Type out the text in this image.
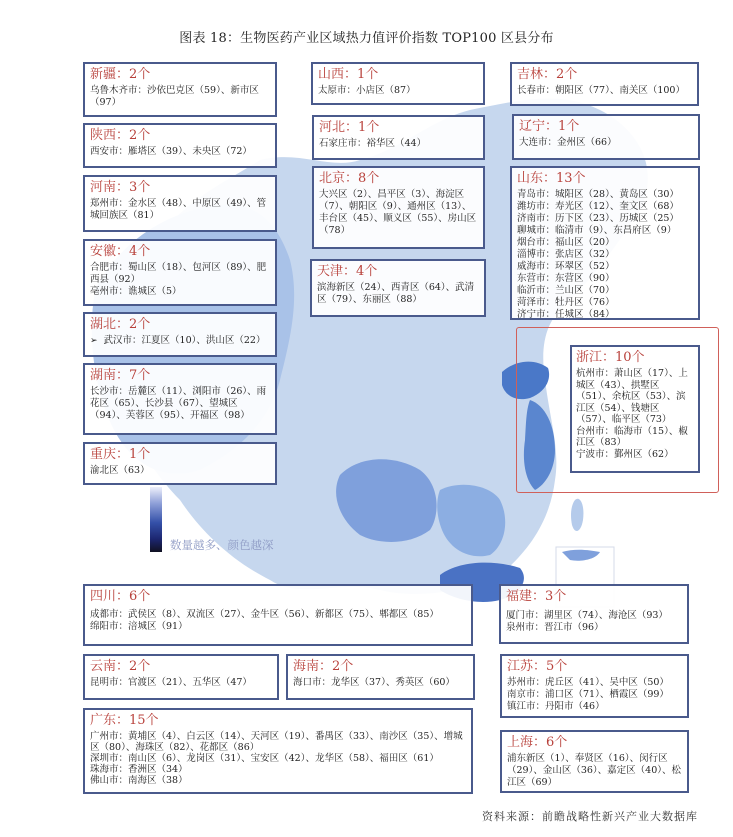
图表 18：生物医药产业区域热力值评价指数 TOP100 区县分布
新疆：2个
乌鲁木齐市：沙依巴克区（59）、新市区（97）
陕西：2个
西安市：雁塔区（39）、未央区（72）
河南：3个
郑州市：金水区（48）、中原区（49）、管城回族区（81）
安徽：4个
合肥市：蜀山区（18）、包河区（89）、肥西县（92）
亳州市：谯城区（5）
湖北：2个
➢ 武汉市：江夏区（10）、洪山区（22）
湖南：7个
长沙市：岳麓区（11）、浏阳市（26）、雨花区（65）、长沙县（67）、望城区（94）、芙蓉区（95）、开福区（98）
重庆：1个
渝北区（63）
山西：1个
太原市：小店区（87）
河北：1个
石家庄市：裕华区（44）
北京：8个
大兴区（2）、昌平区（3）、海淀区（7）、朝阳区（9）、通州区（13）、丰台区（45）、顺义区（55）、房山区（78）
天津：4个
滨海新区（24）、西青区（64）、武清区（79）、东丽区（88）
吉林：2个
长春市：朝阳区（77）、南关区（100）
辽宁：1个
大连市：金州区（66）
山东：13个
青岛市：城阳区（28）、黄岛区（30）
潍坊市：寿光区（12）、奎文区（68）
济南市：历下区（23）、历城区（25）
聊城市：临清市（9）、东昌府区（9）
烟台市：福山区（20）
淄博市：张店区（32）
威海市：环翠区（52）
东营市：东营区（90）
临沂市：兰山区（70）
菏泽市：牡丹区（76）
济宁市：任城区（84）
浙江：10个
杭州市：萧山区（17）、上城区（43）、拱墅区（51）、余杭区（53）、滨江区（54）、钱塘区（57）、临平区（73）
台州市：临海市（15）、椒江区（83）
宁波市：鄞州区（62）
数量越多、颜色越深
四川：6个
成都市：武侯区（8）、双流区（27）、金牛区（56）、新都区（75）、郫都区（85）
绵阳市：涪城区（91）
云南：2个
昆明市：官渡区（21）、五华区（47）
海南：2个
海口市：龙华区（37）、秀英区（60）
广东：15个
广州市：黄埔区（4）、白云区（14）、天河区（19）、番禺区（33）、南沙区（35）、增城区（80）、海珠区（82）、花都区（86）
深圳市：南山区（6）、龙岗区（31）、宝安区（42）、龙华区（58）、福田区（61）
珠海市：香洲区（34）
佛山市：南海区（38）
福建：3个
厦门市：湖里区（74）、海沧区（93）
泉州市：晋江市（96）
江苏：5个
苏州市：虎丘区（41）、吴中区（50）
南京市：浦口区（71）、栖霞区（99）
镇江市：丹阳市（46）
上海：6个
浦东新区（1）、奉贤区（16）、闵行区（29）、金山区（36）、嘉定区（40）、松江区（69）
资料来源：前瞻战略性新兴产业大数据库
